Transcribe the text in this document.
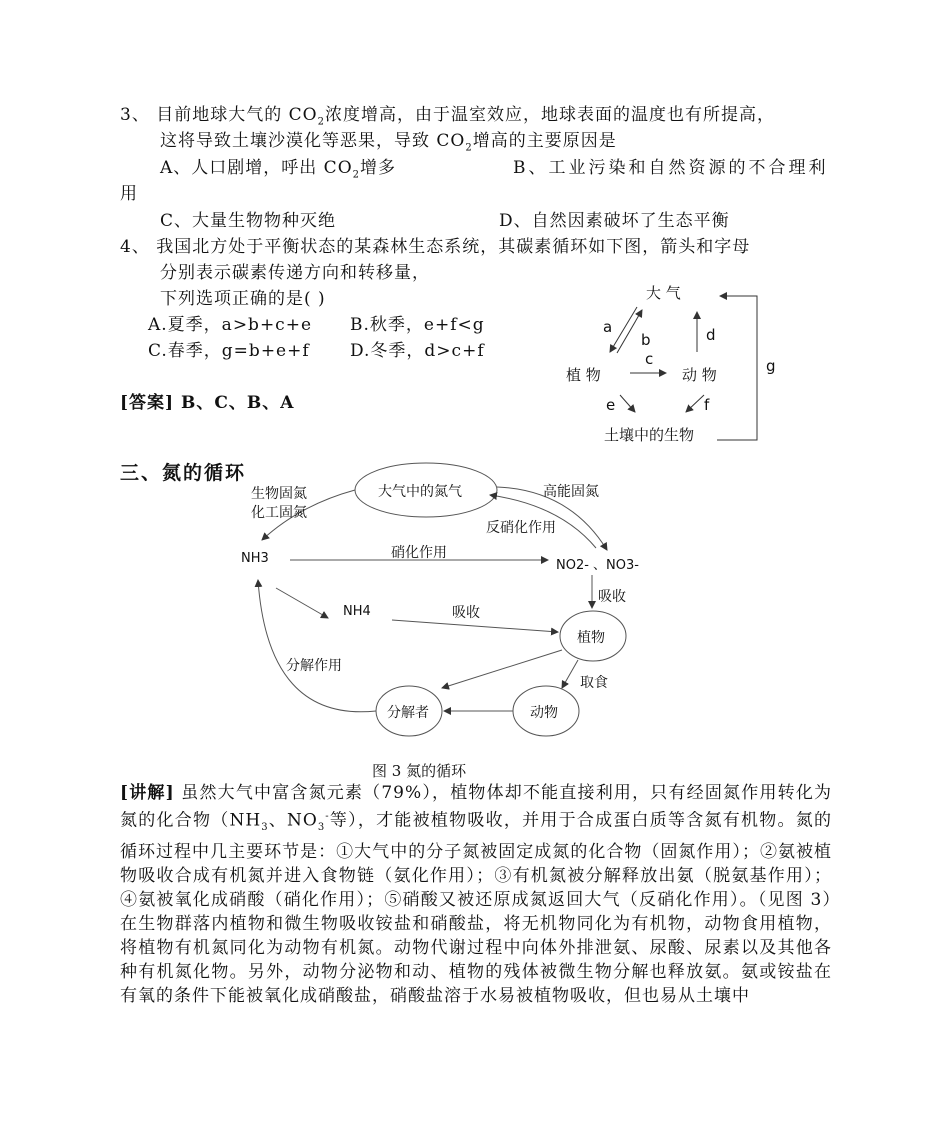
3、 目前地球大气的 $CO_2$浓度增高，由于温室效应，地球表面的温度也有所提高，
这将导致土壤沙漠化等恶果，导致 $CO_2$增高的主要原因是
A、人口剧增，呼出 $CO_2$增多	B、工业污染和自然资源的不合理利
用
C、大量生物物种灭绝	D、自然因素破坏了生态平衡
4、 我国北方处于平衡状态的某森林生态系统，其碳素循环如下图，箭头和字母
分别表示碳素传递方向和转移量，
下列选项正确的是( )
A.夏季，a>b+c+e B.秋季，e+f<g
C.春季，g=b+e+f D.冬季，d>c+f
[答案] B、C、B、A
大 气
植 物	动 物
土壤中的生物
a
b
c
d
e	f
g
三、氮的循环
大气中的氮气
生物固氮
化工固氮
高能固氮
反硝化作用
NH3	硝化作用
NO2- 、NO3-
吸收
NH4	吸收
植物
分解作用
取食
分解者	动物
图 3 氮的循环
[讲解] 虽然大气中富含氮元素（79%），植物体却不能直接利用，只有经固氮作用转化为氮的化合物（$NH_3$、$NO_3^-$等），才能被植物吸收，并用于合成蛋白质等含氮有机物。氮的循环过程中几主要环节是：①大气中的分子氮被固定成氮的化合物（固氮作用）；②氨被植物吸收合成有机氮并进入食物链（氨化作用）；③有机氮被分解释放出氨（脱氨基作用）；④氨被氧化成硝酸（硝化作用）；⑤硝酸又被还原成氮返回大气（反硝化作用）。（见图 3）在生物群落内植物和微生物吸收铵盐和硝酸盐，将无机物同化为有机物，动物食用植物，将植物有机氮同化为动物有机氮。动物代谢过程中向体外排泄氨、尿酸、尿素以及其他各种有机氮化物。另外，动物分泌物和动、植物的残体被微生物分解也释放氨。氨或铵盐在有氧的条件下能被氧化成硝酸盐，硝酸盐溶于水易被植物吸收，但也易从土壤中
